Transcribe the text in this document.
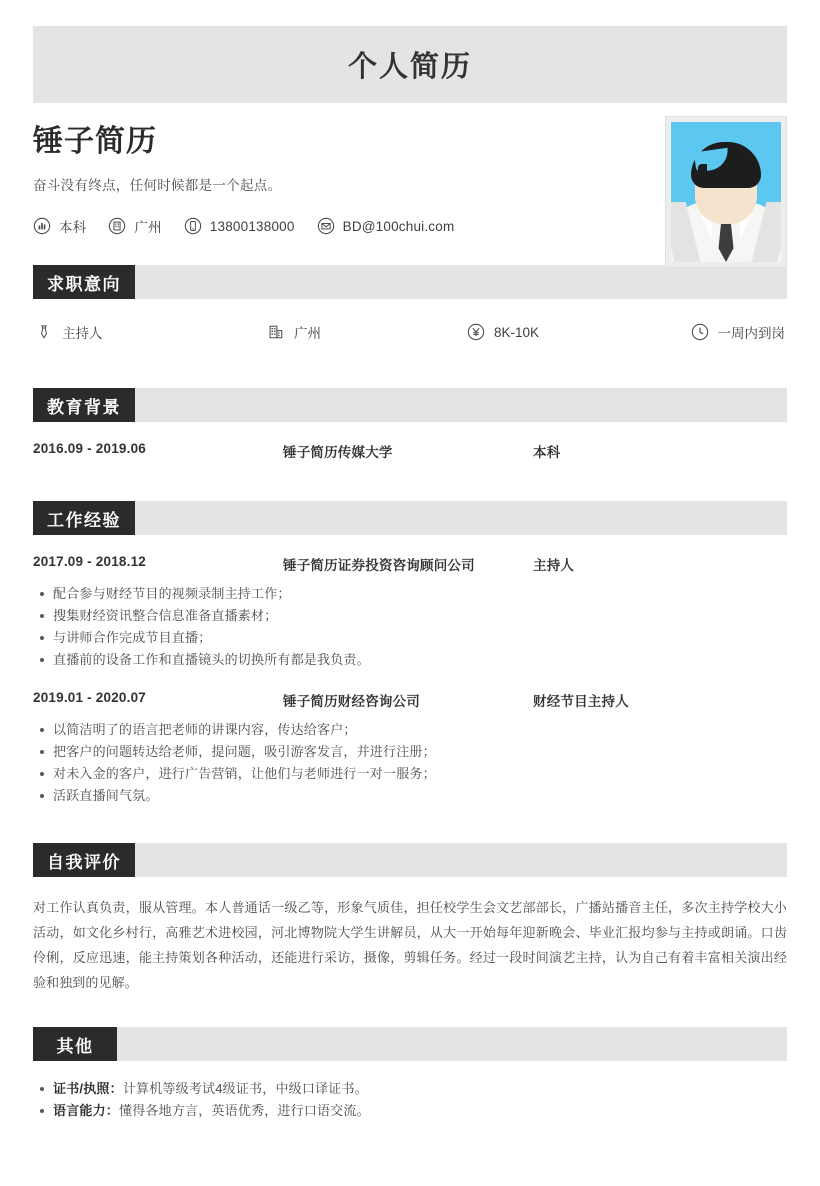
个人简历
锤子简历
奋斗没有终点，任何时候都是一个起点。
本科	广州	13800138000	BD@100chui.com
求职意向
主持人	广州	8K-10K	一周内到岗
教育背景
2016.09 - 2019.06	锤子简历传媒大学	本科
工作经验
2017.09 - 2018.12	锤子简历证券投资咨询顾问公司	主持人
配合参与财经节目的视频录制主持工作；
搜集财经资讯整合信息准备直播素材；
与讲师合作完成节目直播；
直播前的设备工作和直播镜头的切换所有都是我负责。
2019.01 - 2020.07	锤子简历财经咨询公司	财经节目主持人
以简洁明了的语言把老师的讲课内容，传达给客户；
把客户的问题转达给老师，提问题，吸引游客发言，并进行注册；
对未入金的客户，进行广告营销，让他们与老师进行一对一服务；
活跃直播间气氛。
自我评价

对工作认真负责，服从管理。本人普通话一级乙等，形象气质佳，担任校学生会文艺部部长，广播站播音主任，多次主持学校大小活动，如文化乡村行，高雅艺术进校园，河北博物院大学生讲解员，从大一开始每年迎新晚会、毕业汇报均参与主持或朗诵。口齿伶俐，反应迅速，能主持策划各种活动，还能进行采访，摄像，剪辑任务。经过一段时间演艺主持，认为自己有着丰富相关演出经验和独到的见解。

其他
证书/执照：计算机等级考试4级证书，中级口译证书。
语言能力：懂得各地方言，英语优秀，进行口语交流。
